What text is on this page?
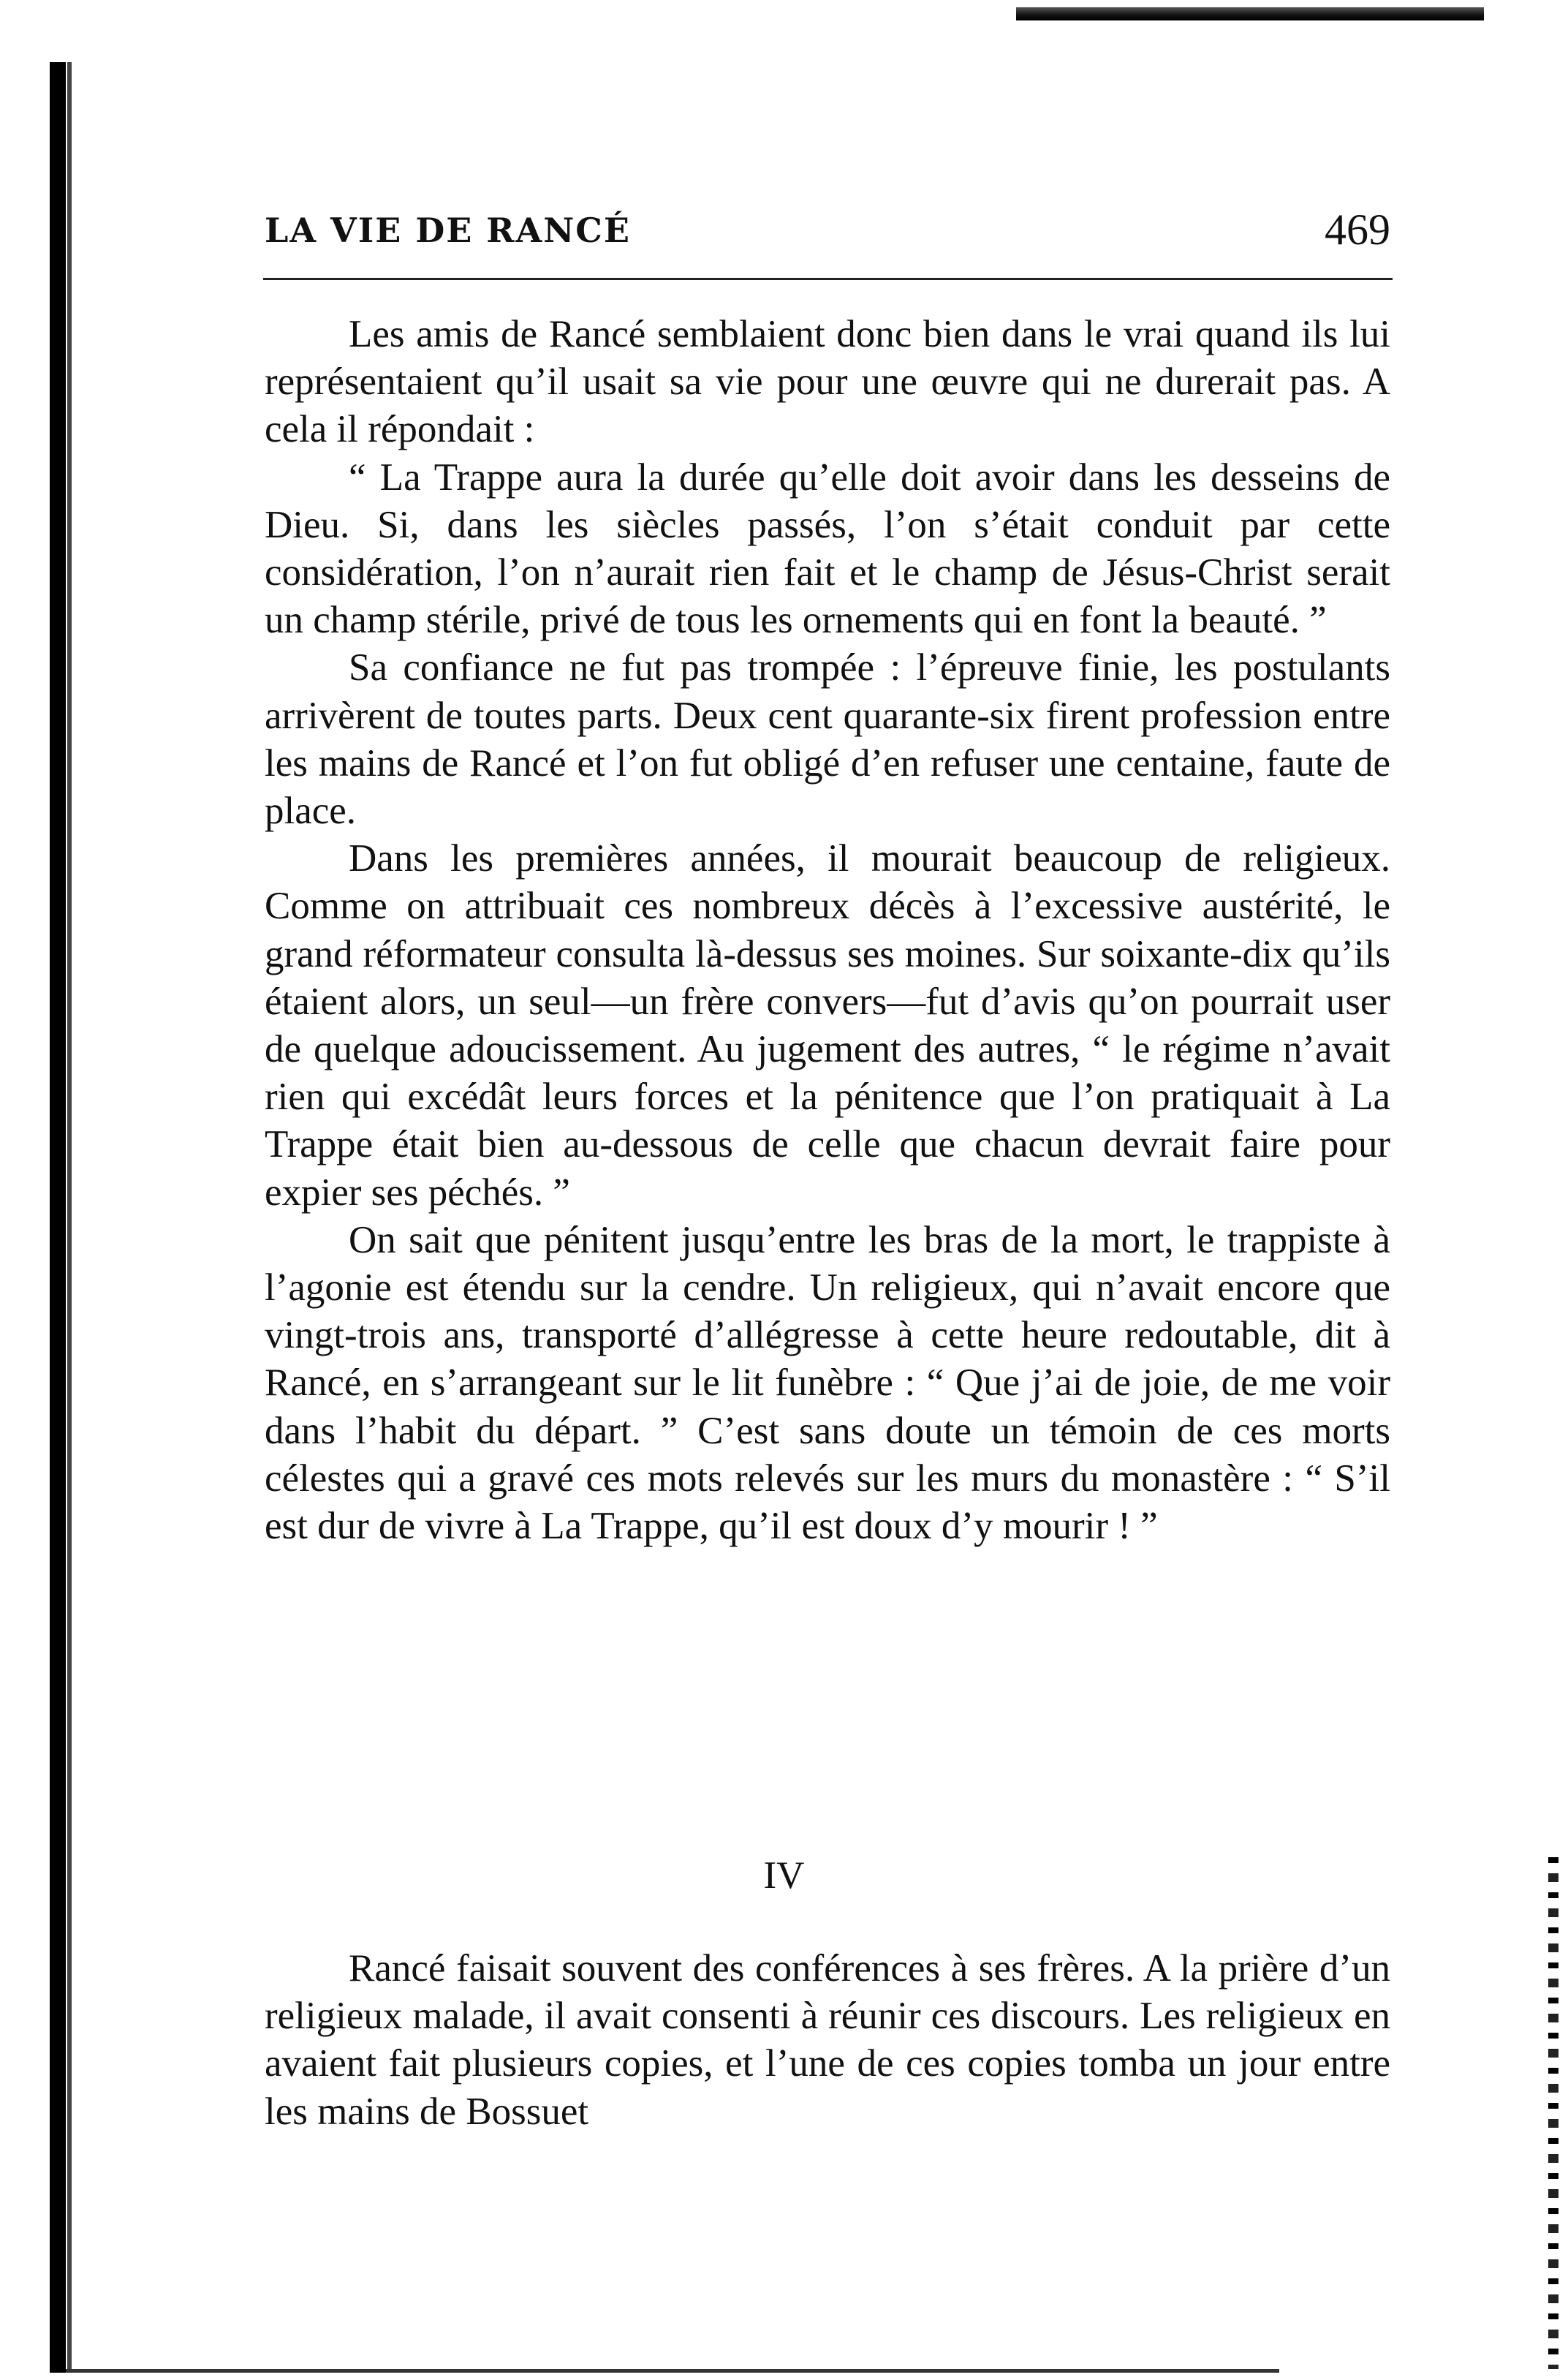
LA VIE DE RANCÉ	469

Les amis de Rancé semblaient donc bien dans le vrai quand ils lui représentaient qu’il usait sa vie pour une œuvre qui ne durerait pas. A cela il répondait :

“ La Trappe aura la durée qu’elle doit avoir dans les desseins de Dieu. Si, dans les siècles passés, l’on s’était conduit par cette considération, l’on n’aurait rien fait et le champ de Jésus-Christ serait un champ stérile, privé de tous les ornements qui en font la beauté. ”

Sa confiance ne fut pas trompée : l’épreuve finie, les postulants arrivèrent de toutes parts. Deux cent quarante-six firent profession entre les mains de Rancé et l’on fut obligé d’en refuser une centaine, faute de place.

Dans les premières années, il mourait beaucoup de religieux. Comme on attribuait ces nombreux décès à l’excessive austérité, le grand réformateur consulta là-dessus ses moines. Sur soixante-dix qu’ils étaient alors, un seul—un frère convers—fut d’avis qu’on pourrait user de quelque adoucissement. Au jugement des autres, “ le régime n’avait rien qui excédât leurs forces et la pénitence que l’on pratiquait à La Trappe était bien au-dessous de celle que chacun devrait faire pour expier ses péchés. ”

On sait que pénitent jusqu’entre les bras de la mort, le trappiste à l’agonie est étendu sur la cendre. Un religieux, qui n’avait encore que vingt-trois ans, transporté d’allégresse à cette heure redoutable, dit à Rancé, en s’arrangeant sur le lit funèbre : “ Que j’ai de joie, de me voir dans l’habit du départ. ” C’est sans doute un témoin de ces morts célestes qui a gravé ces mots relevés sur les murs du monastère : “ S’il est dur de vivre à La Trappe, qu’il est doux d’y mourir ! ”

IV

Rancé faisait souvent des conférences à ses frères. A la prière d’un religieux malade, il avait consenti à réunir ces discours. Les religieux en avaient fait plusieurs copies, et l’une de ces copies tomba un jour entre les mains de Bossuet
